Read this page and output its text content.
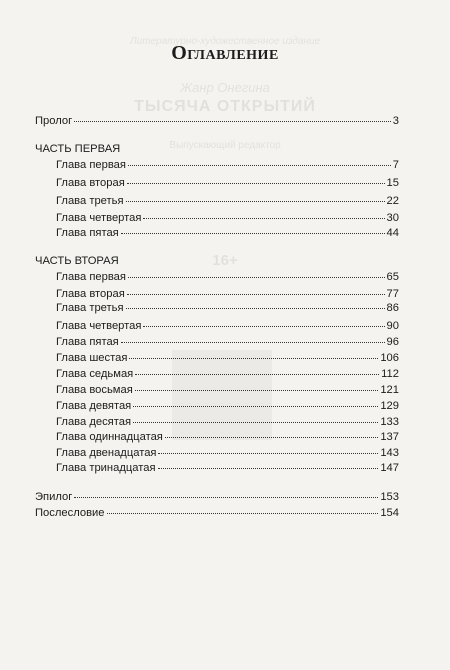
Литературно-художественное издание
Жанр Онегина
ТЫСЯЧА ОТКРЫТИЙ
Выпускающий редактор
16+
Оглавление
Пролог	3
ЧАСТЬ ПЕРВАЯ
Глава первая	7
Глава вторая	15
Глава третья	22
Глава четвертая	30
Глава пятая	44
ЧАСТЬ ВТОРАЯ
Глава первая	65
Глава вторая	77
Глава третья	86
Глава четвертая	90
Глава пятая	96
Глава шестая	106
Глава седьмая	112
Глава восьмая	121
Глава девятая	129
Глава десятая	133
Глава одиннадцатая	137
Глава двенадцатая	143
Глава тринадцатая	147
Эпилог	153
Послесловие	154
